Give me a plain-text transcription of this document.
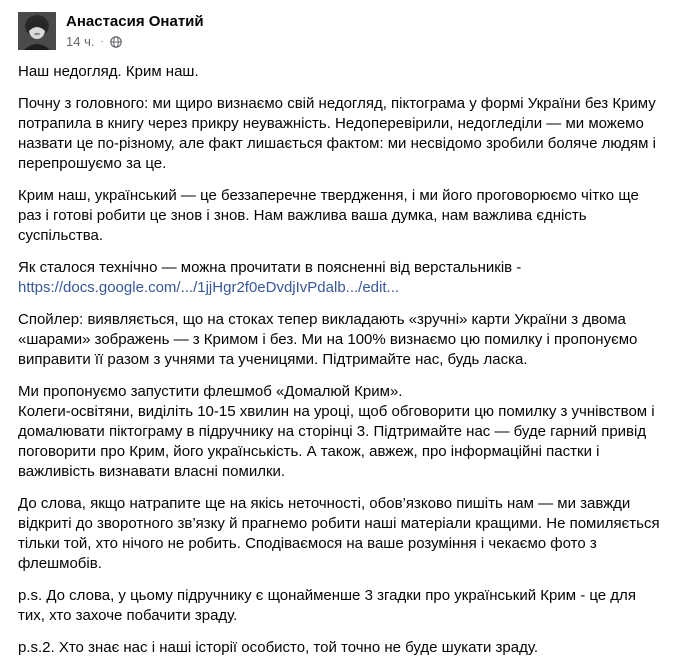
Анастасия Онатий
14 ч. ·

Наш недогляд. Крим наш.

Почну з головного: ми щиро визнаємо свій недогляд, піктограма у формі України без Криму потрапила в книгу через прикру неуважність. Недоперевірили, недогледіли — ми можемо назвати це по-різному, але факт лишається фактом: ми несвідомо зробили боляче людям і перепрошуємо за це.

Крим наш, український — це беззаперечне твердження, і ми його проговорюємо чітко ще раз і готові робити це знов і знов. Нам важлива ваша думка, нам важлива єдність суспільства.

Як сталося технічно — можна прочитати в поясненні від верстальників -

https://docs.google.com/.../1jjHgr2f0eDvdjIvPdalb.../edit...

Спойлер: виявляється, що на стоках тепер викладають «зручні» карти України з двома «шарами» зображень — з Кримом і без. Ми на 100% визнаємо цю помилку і пропонуємо виправити її разом з учнями та ученицями. Підтримайте нас, будь ласка.

Ми пропонуємо запустити флешмоб «Домалюй Крим».

Колеги-освітяни, виділіть 10-15 хвилин на уроці, щоб обговорити цю помилку з учнівством і домалювати піктограму в підручнику на сторінці 3. Підтримайте нас — буде гарний привід поговорити про Крим, його українськість. А також, авжеж, про інформаційні пастки і важливість визнавати власні помилки.

До слова, якщо натрапите ще на якісь неточності, обов’язково пишіть нам — ми завжди відкриті до зворотного зв’язку й прагнемо робити наші матеріали кращими. Не помиляється тільки той, хто нічого не робить. Сподіваємося на ваше розуміння і чекаємо фото з флешмобів.

p.s. До слова, у цьому підручнику є щонайменше 3 згадки про український Крим - це для тих, хто захоче побачити зраду.

p.s.2. Хто знає нас і наші історії особисто, той точно не буде шукати зраду.
